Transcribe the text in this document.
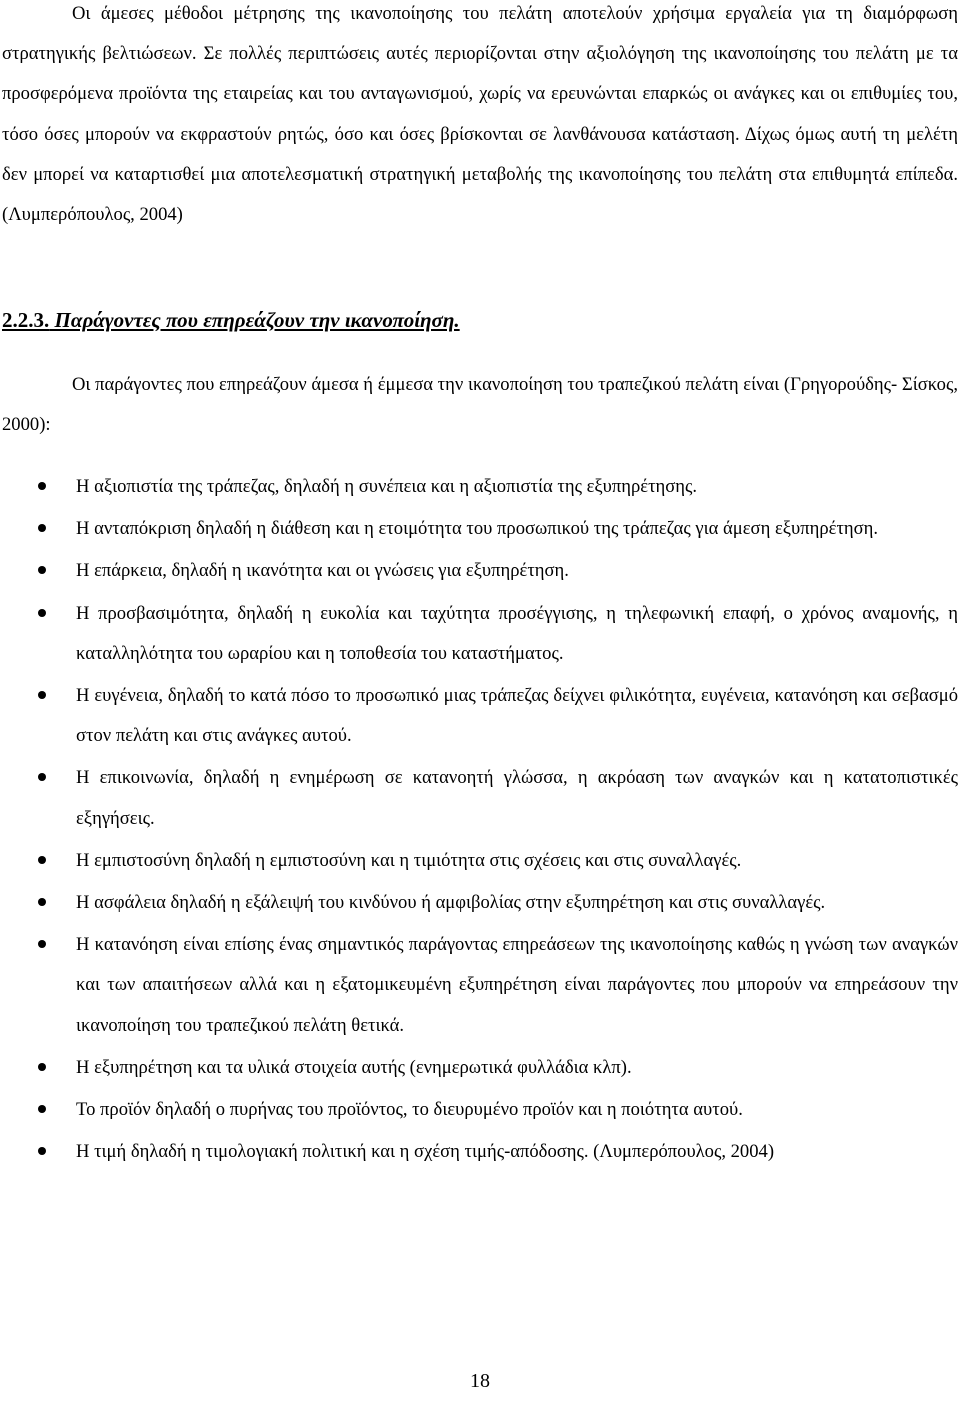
Οι άμεσες μέθοδοι μέτρησης της ικανοποίησης του πελάτη αποτελούν χρήσιμα εργαλεία για τη διαμόρφωση στρατηγικής βελτιώσεων. Σε πολλές περιπτώσεις αυτές περιορίζονται στην αξιολόγηση της ικανοποίησης του πελάτη με τα προσφερόμενα προϊόντα της εταιρείας και του ανταγωνισμού, χωρίς να ερευνώνται επαρκώς οι ανάγκες και οι επιθυμίες του, τόσο όσες μπορούν να εκφραστούν ρητώς, όσο και όσες βρίσκονται σε λανθάνουσα κατάσταση. Δίχως όμως αυτή τη μελέτη δεν μπορεί να καταρτισθεί μια αποτελεσματική στρατηγική μεταβολής της ικανοποίησης του πελάτη στα επιθυμητά επίπεδα. (Λυμπερόπουλος, 2004)

2.2.3. Παράγοντες που επηρεάζουν την ικανοποίηση.

Οι παράγοντες που επηρεάζουν άμεσα ή έμμεσα την ικανοποίηση του τραπεζικού πελάτη είναι (Γρηγορούδης- Σίσκος, 2000):

Η αξιοπιστία της τράπεζας, δηλαδή η συνέπεια και η αξιοπιστία της εξυπηρέτησης.
Η ανταπόκριση δηλαδή η διάθεση και η ετοιμότητα του προσωπικού της τράπεζας για άμεση εξυπηρέτηση.
Η επάρκεια, δηλαδή η ικανότητα και οι γνώσεις για εξυπηρέτηση.
Η προσβασιμότητα, δηλαδή η ευκολία και ταχύτητα προσέγγισης, η τηλεφωνική επαφή, ο χρόνος αναμονής, η καταλληλότητα του ωραρίου και η τοποθεσία του καταστήματος.
Η ευγένεια, δηλαδή το κατά πόσο το προσωπικό μιας τράπεζας δείχνει φιλικότητα, ευγένεια, κατανόηση και σεβασμό στον πελάτη και στις ανάγκες αυτού.
Η επικοινωνία, δηλαδή η ενημέρωση σε κατανοητή γλώσσα, η ακρόαση των αναγκών και η κατατοπιστικές εξηγήσεις.
Η εμπιστοσύνη δηλαδή η εμπιστοσύνη και η τιμιότητα στις σχέσεις και στις συναλλαγές.
Η ασφάλεια δηλαδή η εξάλειψή του κινδύνου ή αμφιβολίας στην εξυπηρέτηση και στις συναλλαγές.
Η κατανόηση είναι επίσης ένας σημαντικός παράγοντας επηρεάσεων της ικανοποίησης καθώς η γνώση των αναγκών και των απαιτήσεων αλλά και η εξατομικευμένη εξυπηρέτηση είναι παράγοντες που μπορούν να επηρεάσουν την ικανοποίηση του τραπεζικού πελάτη θετικά.
Η εξυπηρέτηση και τα υλικά στοιχεία αυτής (ενημερωτικά φυλλάδια κλπ).
Το προϊόν δηλαδή ο πυρήνας του προϊόντος, το διευρυμένο προϊόν και η ποιότητα αυτού.
Η τιμή δηλαδή η τιμολογιακή πολιτική και η σχέση τιμής-απόδοσης. (Λυμπερόπουλος, 2004)
18
